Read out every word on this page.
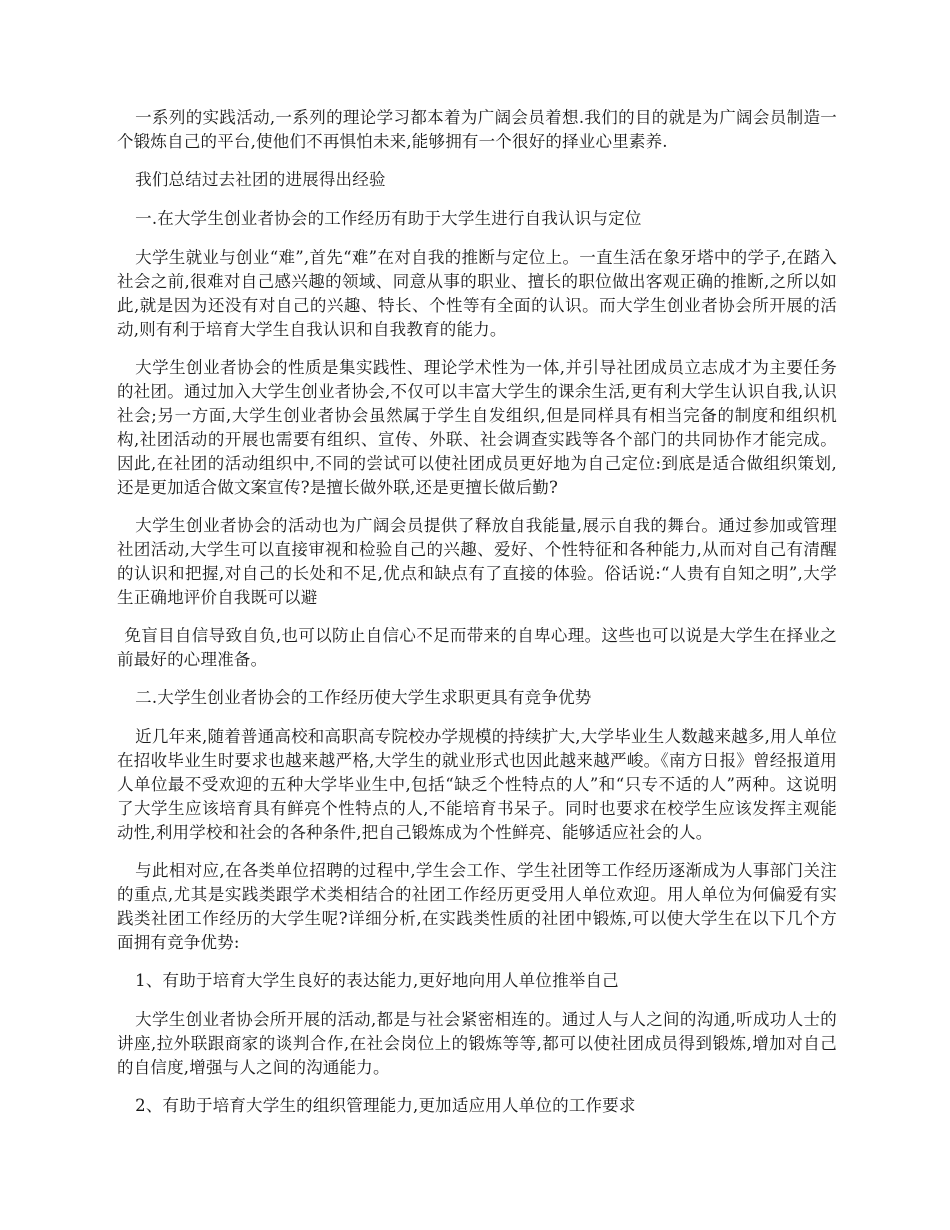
一系列的实践活动,一系列的理论学习都本着为广阔会员着想.我们的目的就是为广阔会员制造一个锻炼自己的平台,使他们不再惧怕未来,能够拥有一个很好的择业心里素养.

我们总结过去社团的进展得出经验

一.在大学生创业者协会的工作经历有助于大学生进行自我认识与定位

大学生就业与创业“难”,首先“难”在对自我的推断与定位上。一直生活在象牙塔中的学子,在踏入社会之前,很难对自己感兴趣的领域、同意从事的职业、擅长的职位做出客观正确的推断,之所以如此,就是因为还没有对自己的兴趣、特长、个性等有全面的认识。而大学生创业者协会所开展的活动,则有利于培育大学生自我认识和自我教育的能力。

大学生创业者协会的性质是集实践性、理论学术性为一体,并引导社团成员立志成才为主要任务的社团。通过加入大学生创业者协会,不仅可以丰富大学生的课余生活,更有利大学生认识自我,认识社会;另一方面,大学生创业者协会虽然属于学生自发组织,但是同样具有相当完备的制度和组织机构,社团活动的开展也需要有组织、宣传、外联、社会调查实践等各个部门的共同协作才能完成。因此,在社团的活动组织中,不同的尝试可以使社团成员更好地为自己定位:到底是适合做组织策划,还是更加适合做文案宣传?是擅长做外联,还是更擅长做后勤?

大学生创业者协会的活动也为广阔会员提供了释放自我能量,展示自我的舞台。通过参加或管理社团活动,大学生可以直接审视和检验自己的兴趣、爱好、个性特征和各种能力,从而对自己有清醒的认识和把握,对自己的长处和不足,优点和缺点有了直接的体验。俗话说:“人贵有自知之明”,大学生正确地评价自我既可以避

免盲目自信导致自负,也可以防止自信心不足而带来的自卑心理。这些也可以说是大学生在择业之前最好的心理准备。

二.大学生创业者协会的工作经历使大学生求职更具有竞争优势

近几年来,随着普通高校和高职高专院校办学规模的持续扩大,大学毕业生人数越来越多,用人单位在招收毕业生时要求也越来越严格,大学生的就业形式也因此越来越严峻。《南方日报》曾经报道用人单位最不受欢迎的五种大学毕业生中,包括“缺乏个性特点的人”和“只专不适的人”两种。这说明了大学生应该培育具有鲜亮个性特点的人,不能培育书呆子。同时也要求在校学生应该发挥主观能动性,利用学校和社会的各种条件,把自己锻炼成为个性鲜亮、能够适应社会的人。

与此相对应,在各类单位招聘的过程中,学生会工作、学生社团等工作经历逐渐成为人事部门关注的重点,尤其是实践类跟学术类相结合的社团工作经历更受用人单位欢迎。用人单位为何偏爱有实践类社团工作经历的大学生呢?详细分析,在实践类性质的社团中锻炼,可以使大学生在以下几个方面拥有竞争优势:

1、有助于培育大学生良好的表达能力,更好地向用人单位推举自己

大学生创业者协会所开展的活动,都是与社会紧密相连的。通过人与人之间的沟通,听成功人士的讲座,拉外联跟商家的谈判合作,在社会岗位上的锻炼等等,都可以使社团成员得到锻炼,增加对自己的自信度,增强与人之间的沟通能力。

2、有助于培育大学生的组织管理能力,更加适应用人单位的工作要求
